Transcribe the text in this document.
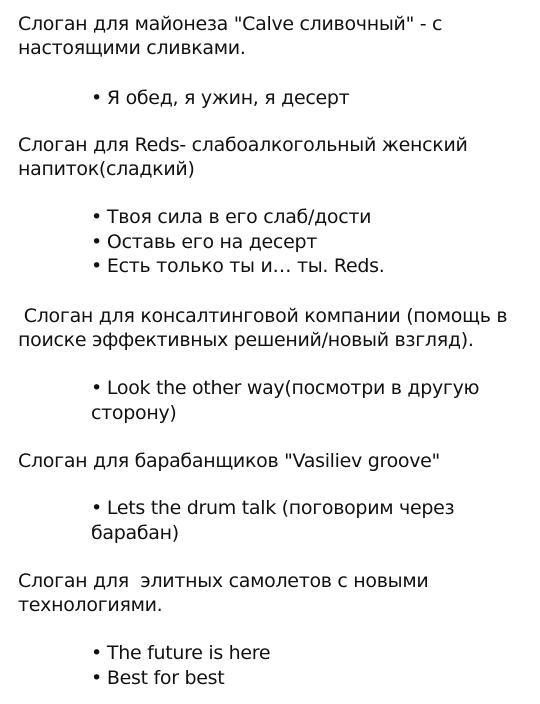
Слоган для майонеза "Calve сливочный" - с настоящими сливками.
• Я обед, я ужин, я десерт
Слоган для Reds- слабоалкогольный женский напиток(сладкий)
• Твоя сила в его слаб/дости
• Оставь его на десерт
• Есть только ты и… ты. Reds.
Слоган для консалтинговой компании (помощь в поиске эффективных решений/новый взгляд).
• Look the other way(посмотри в другую сторону)
Слоган для барабанщиков "Vasiliev groove"
• Lets the drum talk (поговорим через барабан)
Слоган для  элитных самолетов с новыми технологиями.
• The future is here
• Best for best
